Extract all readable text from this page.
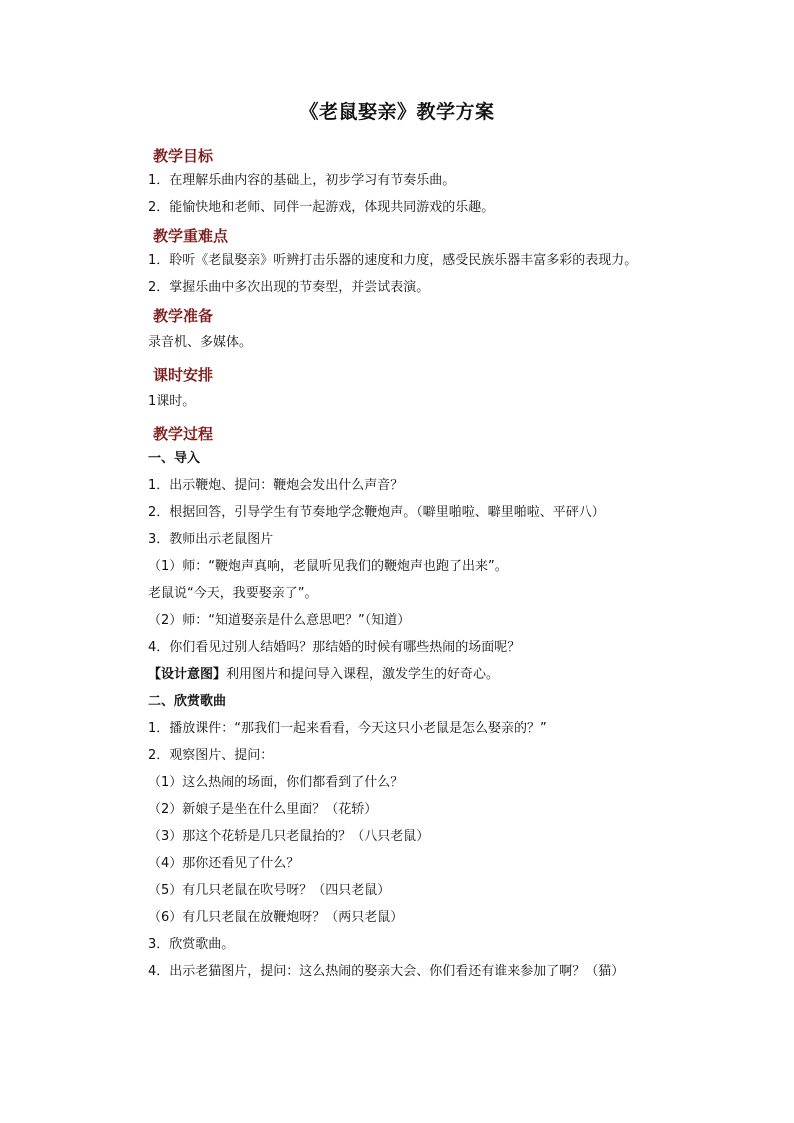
《老鼠娶亲》教学方案
教学目标
1．在理解乐曲内容的基础上，初步学习有节奏乐曲。
2．能愉快地和老师、同伴一起游戏，体现共同游戏的乐趣。
教学重难点
1．聆听《老鼠娶亲》听辨打击乐器的速度和力度，感受民族乐器丰富多彩的表现力。
2．掌握乐曲中多次出现的节奏型，并尝试表演。
教学准备
录音机、多媒体。
课时安排
1课时。
教学过程
一、导入
1．出示鞭炮、提问：鞭炮会发出什么声音？
2．根据回答，引导学生有节奏地学念鞭炮声。（噼里啪啦、噼里啪啦、平砰八）
3．教师出示老鼠图片
（1）师：“鞭炮声真响，老鼠听见我们的鞭炮声也跑了出来”。
老鼠说“今天，我要娶亲了”。
（2）师：“知道娶亲是什么意思吧？”（知道）
4．你们看见过别人结婚吗？那结婚的时候有哪些热闹的场面呢？
【设计意图】利用图片和提问导入课程，激发学生的好奇心。
二、欣赏歌曲
1．播放课件：“那我们一起来看看，今天这只小老鼠是怎么娶亲的？”
2．观察图片、提问：
（1）这么热闹的场面，你们都看到了什么？
（2）新娘子是坐在什么里面？（花轿）
（3）那这个花轿是几只老鼠抬的？（八只老鼠）
（4）那你还看见了什么？
（5）有几只老鼠在吹号呀？（四只老鼠）
（6）有几只老鼠在放鞭炮呀？（两只老鼠）
3．欣赏歌曲。
4．出示老猫图片，提问：这么热闹的娶亲大会、你们看还有谁来参加了啊？（猫）
